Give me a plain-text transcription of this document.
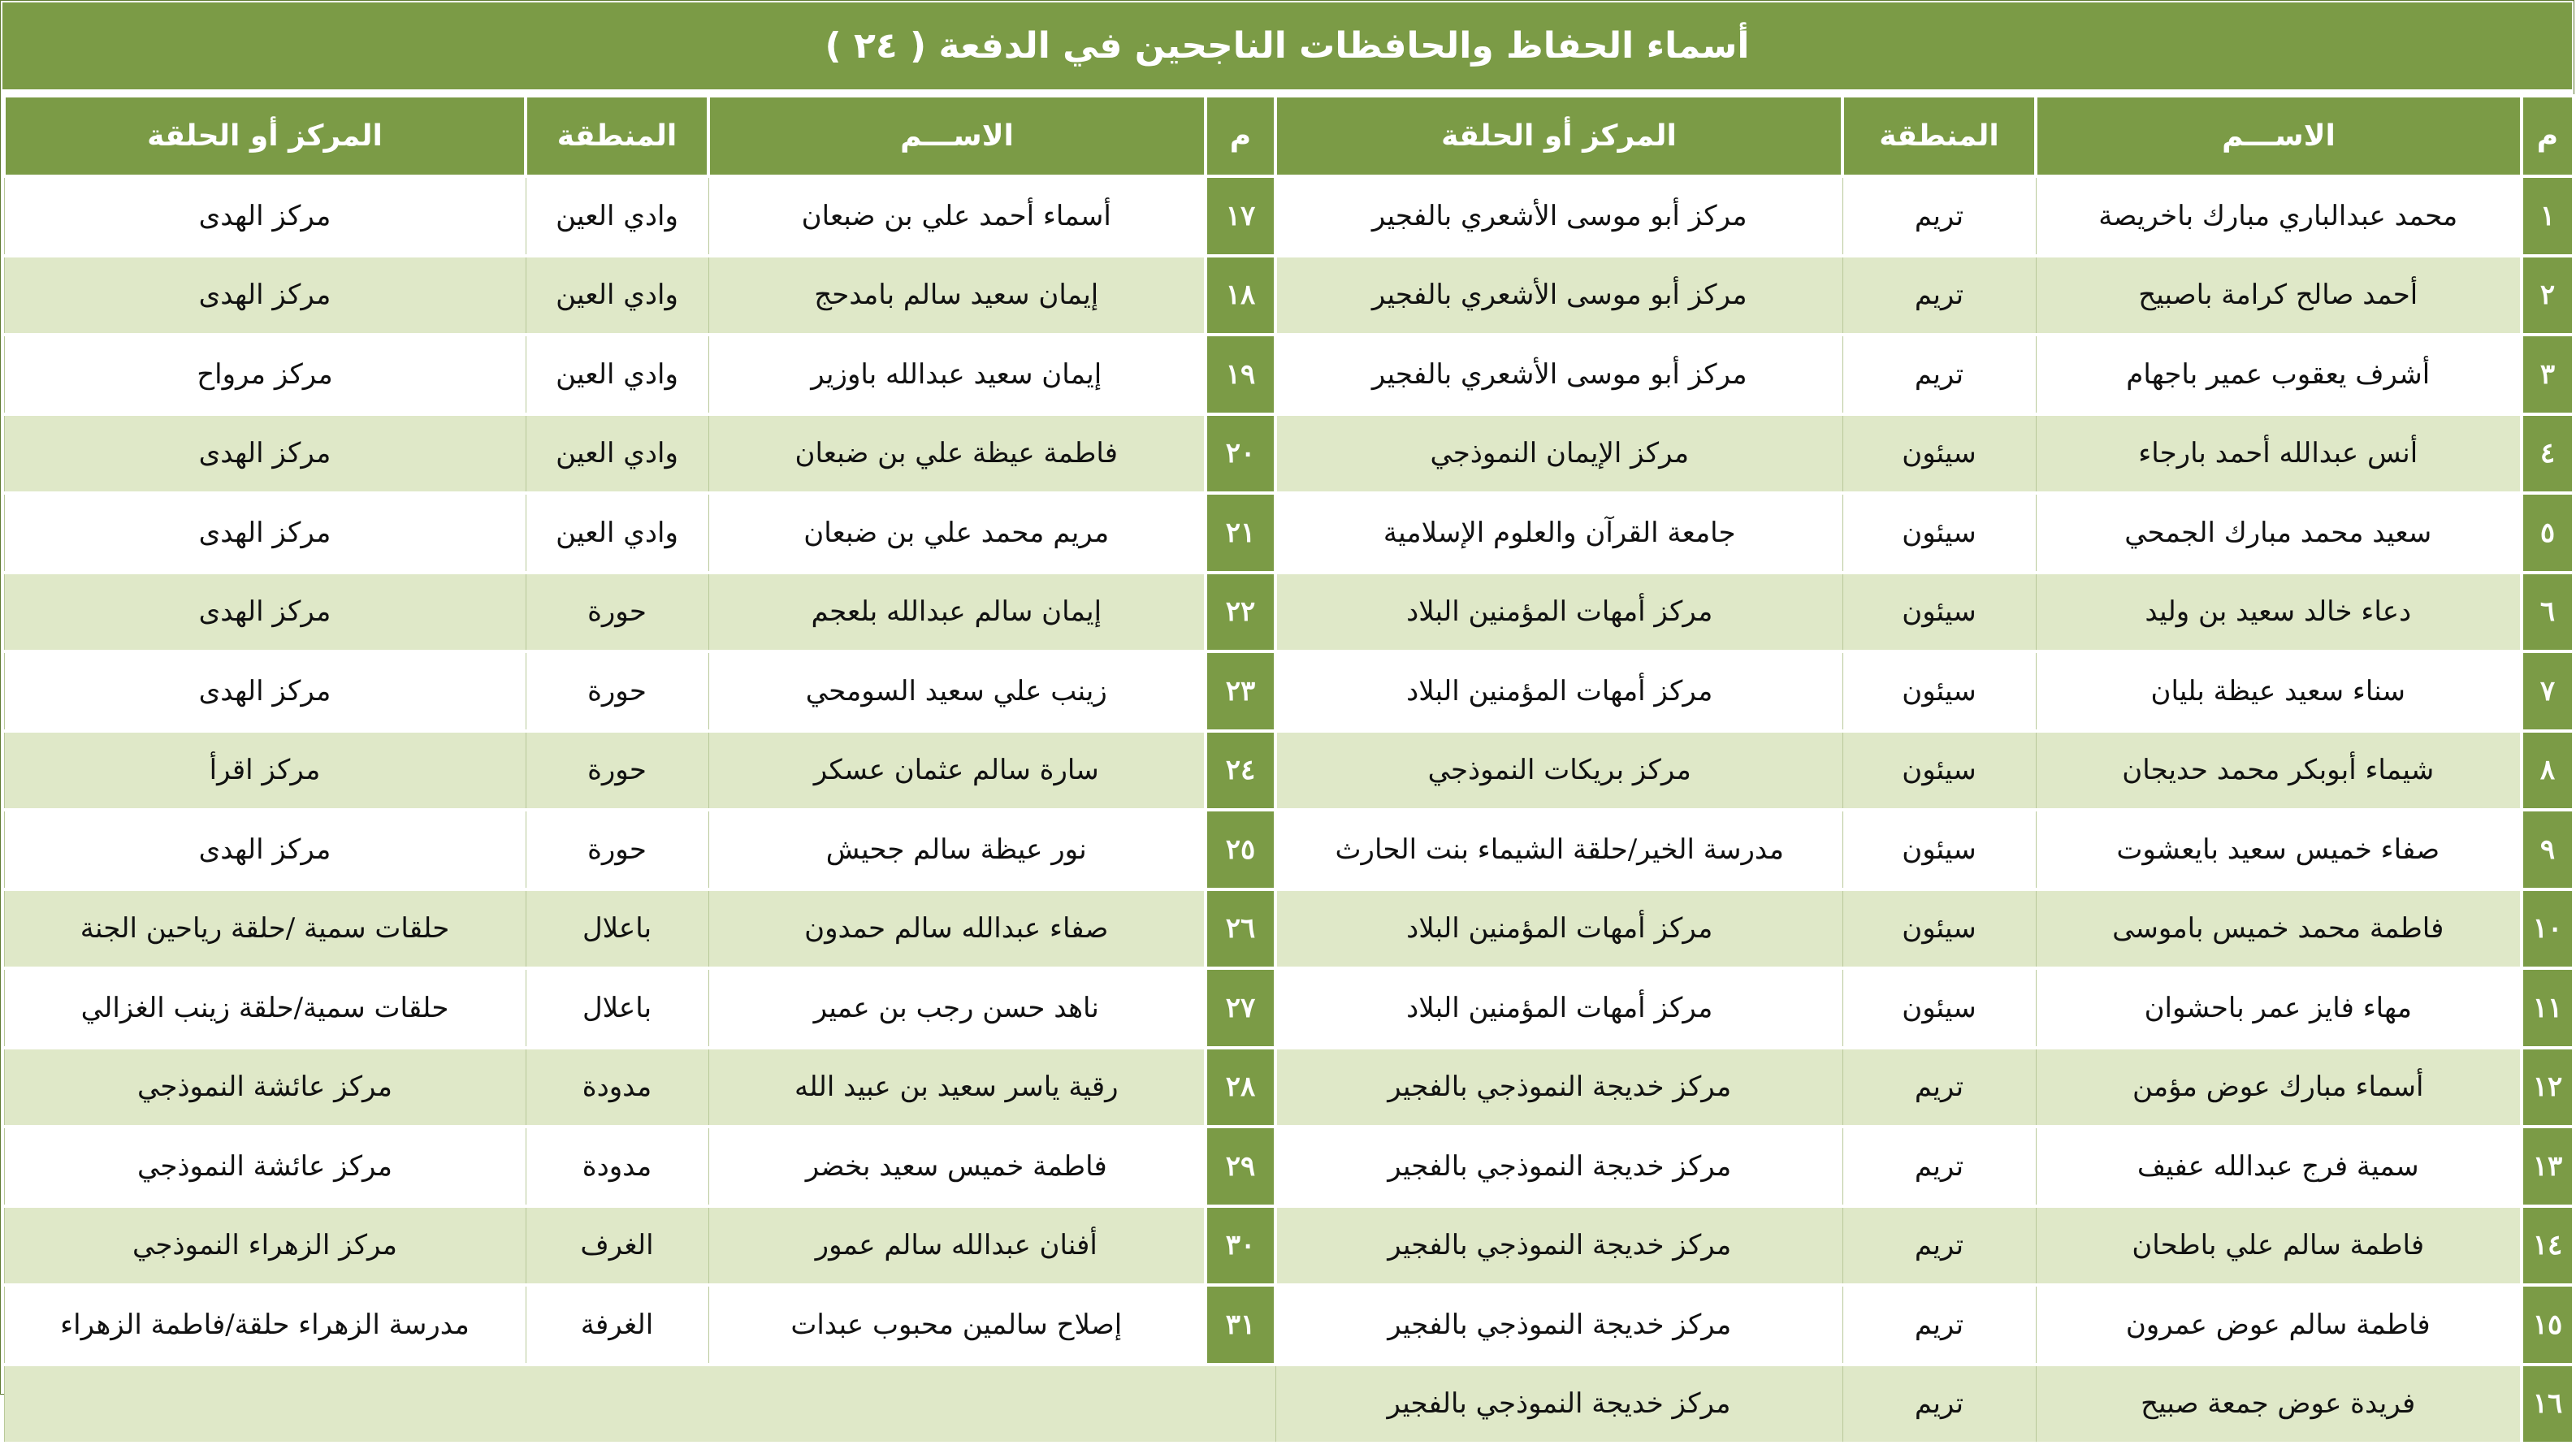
أسماء الحفاظ والحافظات الناجحين في الدفعة ( ٢٤ )
م	الاســـم	المنطقة	المركز أو الحلقة	م	الاســـم	المنطقة	المركز أو الحلقة
١	محمد عبدالباري مبارك باخريصة	تريم	مركز أبو موسى الأشعري بالفجير	١٧	أسماء أحمد علي بن ضبعان	وادي العين	مركز الهدى
٢	أحمد صالح كرامة باصبيح	تريم	مركز أبو موسى الأشعري بالفجير	١٨	إيمان سعيد سالم بامدحج	وادي العين	مركز الهدى
٣	أشرف يعقوب عمير باجهام	تريم	مركز أبو موسى الأشعري بالفجير	١٩	إيمان سعيد عبدالله باوزير	وادي العين	مركز مرواح
٤	أنس عبدالله أحمد بارجاء	سيئون	مركز الإيمان النموذجي	٢٠	فاطمة عيظة علي بن ضبعان	وادي العين	مركز الهدى
٥	سعيد محمد مبارك الجمحي	سيئون	جامعة القرآن والعلوم الإسلامية	٢١	مريم محمد علي بن ضبعان	وادي العين	مركز الهدى
٦	دعاء خالد سعيد بن وليد	سيئون	مركز أمهات المؤمنين البلاد	٢٢	إيمان سالم عبدالله بلعجم	حورة	مركز الهدى
٧	سناء سعيد عيظة بليان	سيئون	مركز أمهات المؤمنين البلاد	٢٣	زينب علي سعيد السومحي	حورة	مركز الهدى
٨	شيماء أبوبكر محمد حديجان	سيئون	مركز بريكات النموذجي	٢٤	سارة سالم عثمان عسكر	حورة	مركز اقرأ
٩	صفاء خميس سعيد بايعشوت	سيئون	مدرسة الخير/حلقة الشيماء بنت الحارث	٢٥	نور عيظة سالم جحيش	حورة	مركز الهدى
١٠	فاطمة محمد خميس باموسى	سيئون	مركز أمهات المؤمنين البلاد	٢٦	صفاء عبدالله سالم حمدون	باعلال	حلقات سمية /حلقة رياحين الجنة
١١	مهاء فايز عمر باحشوان	سيئون	مركز أمهات المؤمنين البلاد	٢٧	ناهد حسن رجب بن عمير	باعلال	حلقات سمية/حلقة زينب الغزالي
١٢	أسماء مبارك عوض مؤمن	تريم	مركز خديجة النموذجي بالفجير	٢٨	رقية ياسر سعيد بن عبيد الله	مدودة	مركز عائشة النموذجي
١٣	سمية فرج عبدالله عفيف	تريم	مركز خديجة النموذجي بالفجير	٢٩	فاطمة خميس سعيد بخضر	مدودة	مركز عائشة النموذجي
١٤	فاطمة سالم علي باطحان	تريم	مركز خديجة النموذجي بالفجير	٣٠	أفنان عبدالله سالم عمور	الغرف	مركز الزهراء النموذجي
١٥	فاطمة سالم عوض عمرون	تريم	مركز خديجة النموذجي بالفجير	٣١	إصلاح سالمين محبوب عبدات	الغرفة	مدرسة الزهراء حلقة/فاطمة الزهراء
١٦	فريدة عوض جمعة صبيح	تريم	مركز خديجة النموذجي بالفجير				
